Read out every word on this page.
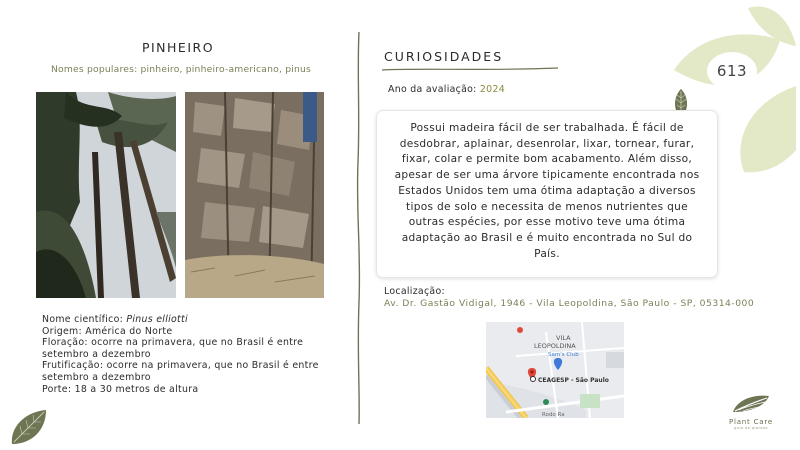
613
PINHEIRO
Nomes populares: pinheiro, pinheiro-americano, pinus

Nome científico: Pinus elliotti

Origem: América do Norte

Floração: ocorre na primavera, que no Brasil é entre setembro a dezembro

Frutificação: ocorre na primavera, que no Brasil é entre setembro a dezembro

Porte: 18 a 30 metros de altura

CURIOSIDADES
Ano da avaliação: 2024
Possui madeira fácil de ser trabalhada. É fácil de desdobrar, aplainar, desenrolar, lixar, tornear, furar, fixar, colar e permite bom acabamento. Além disso, apesar de ser uma árvore tipicamente encontrada nos Estados Unidos tem uma ótima adaptação a diversos tipos de solo e necessita de menos nutrientes que outras espécies, por esse motivo teve uma ótima adaptação ao Brasil e é muito encontrada no Sul do País.
Localização:
Av. Dr. Gastão Vidigal, 1946 - Vila Leopoldina, São Paulo - SP, 05314-000
VILA
LEOPOLDINA
Sam's Club
CEAGESP - São Paulo
Rodo Ra
Plant Care
guia de plantas
